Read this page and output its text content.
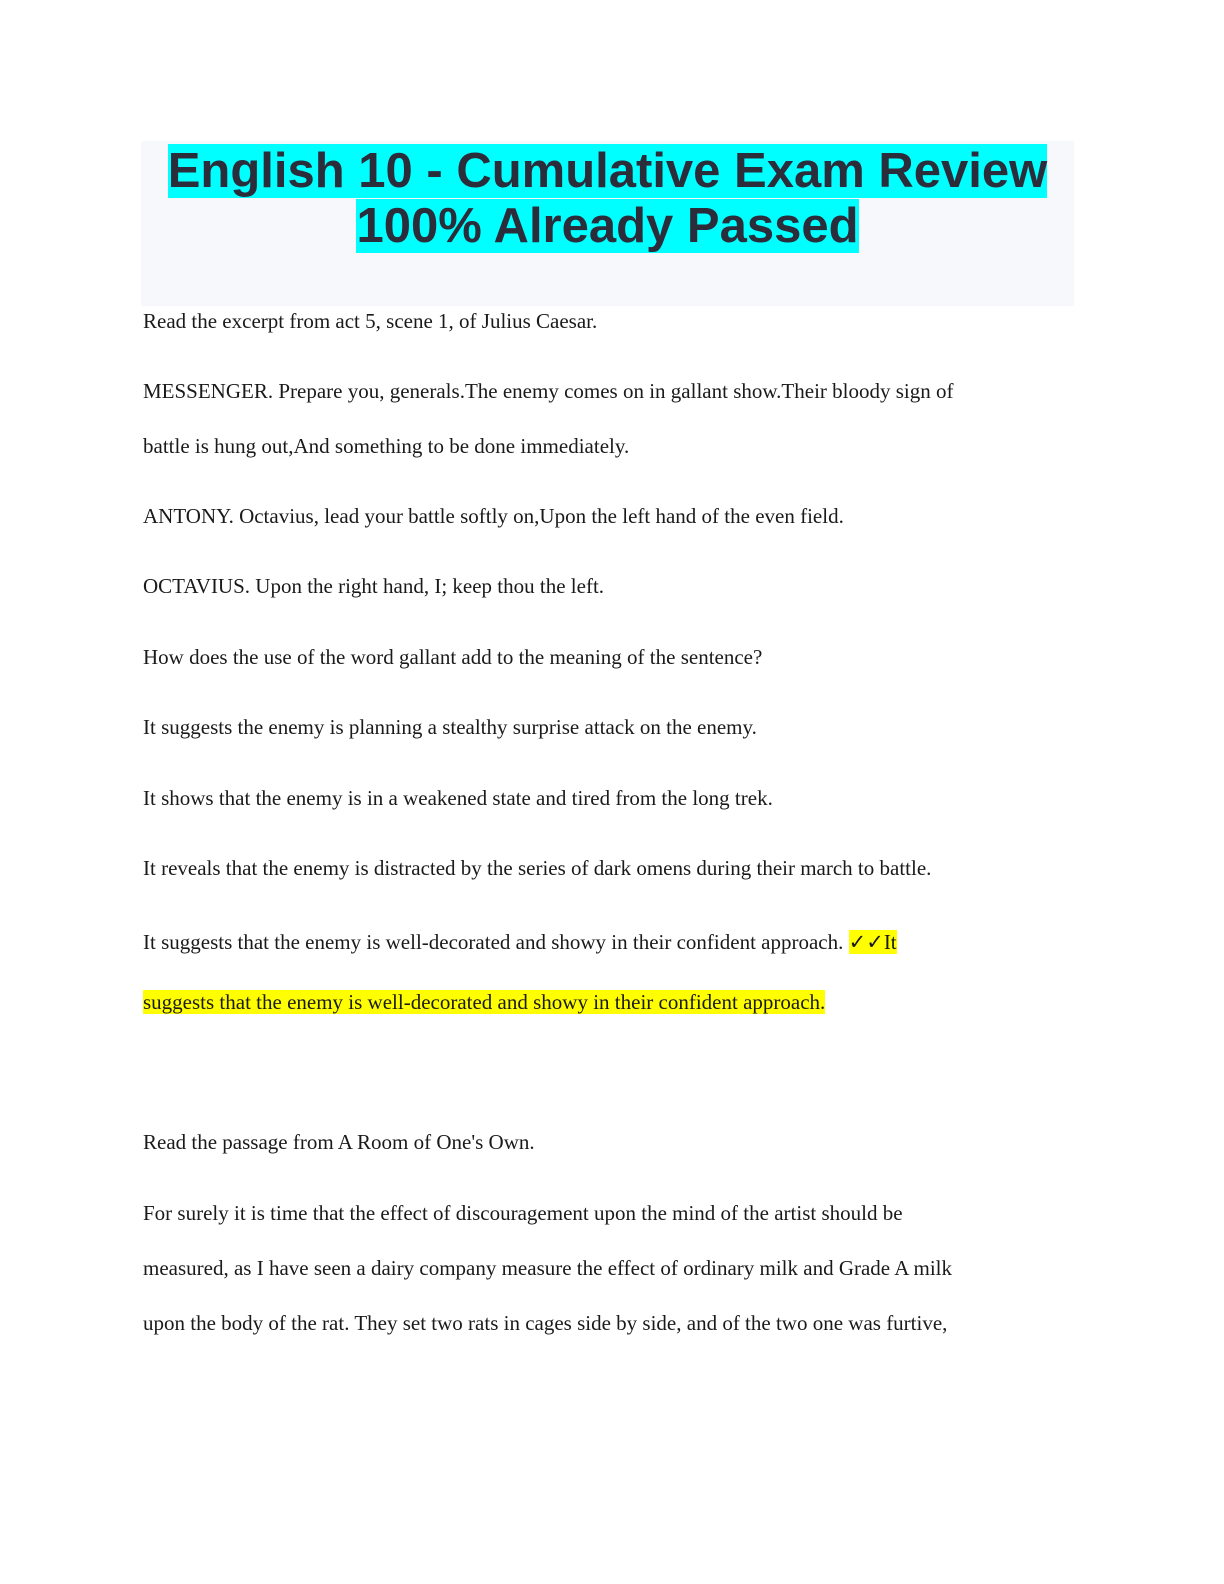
English 10 - Cumulative Exam Review
100% Already Passed
Read the excerpt from act 5, scene 1, of Julius Caesar.
MESSENGER. Prepare you, generals.The enemy comes on in gallant show.Their bloody sign of
battle is hung out,And something to be done immediately.
ANTONY. Octavius, lead your battle softly on,Upon the left hand of the even field.
OCTAVIUS. Upon the right hand, I; keep thou the left.
How does the use of the word gallant add to the meaning of the sentence?
It suggests the enemy is planning a stealthy surprise attack on the enemy.
It shows that the enemy is in a weakened state and tired from the long trek.
It reveals that the enemy is distracted by the series of dark omens during their march to battle.
It suggests that the enemy is well-decorated and showy in their confident approach. ✓✓It
suggests that the enemy is well-decorated and showy in their confident approach.
Read the passage from A Room of One's Own.
For surely it is time that the effect of discouragement upon the mind of the artist should be
measured, as I have seen a dairy company measure the effect of ordinary milk and Grade A milk
upon the body of the rat. They set two rats in cages side by side, and of the two one was furtive,
